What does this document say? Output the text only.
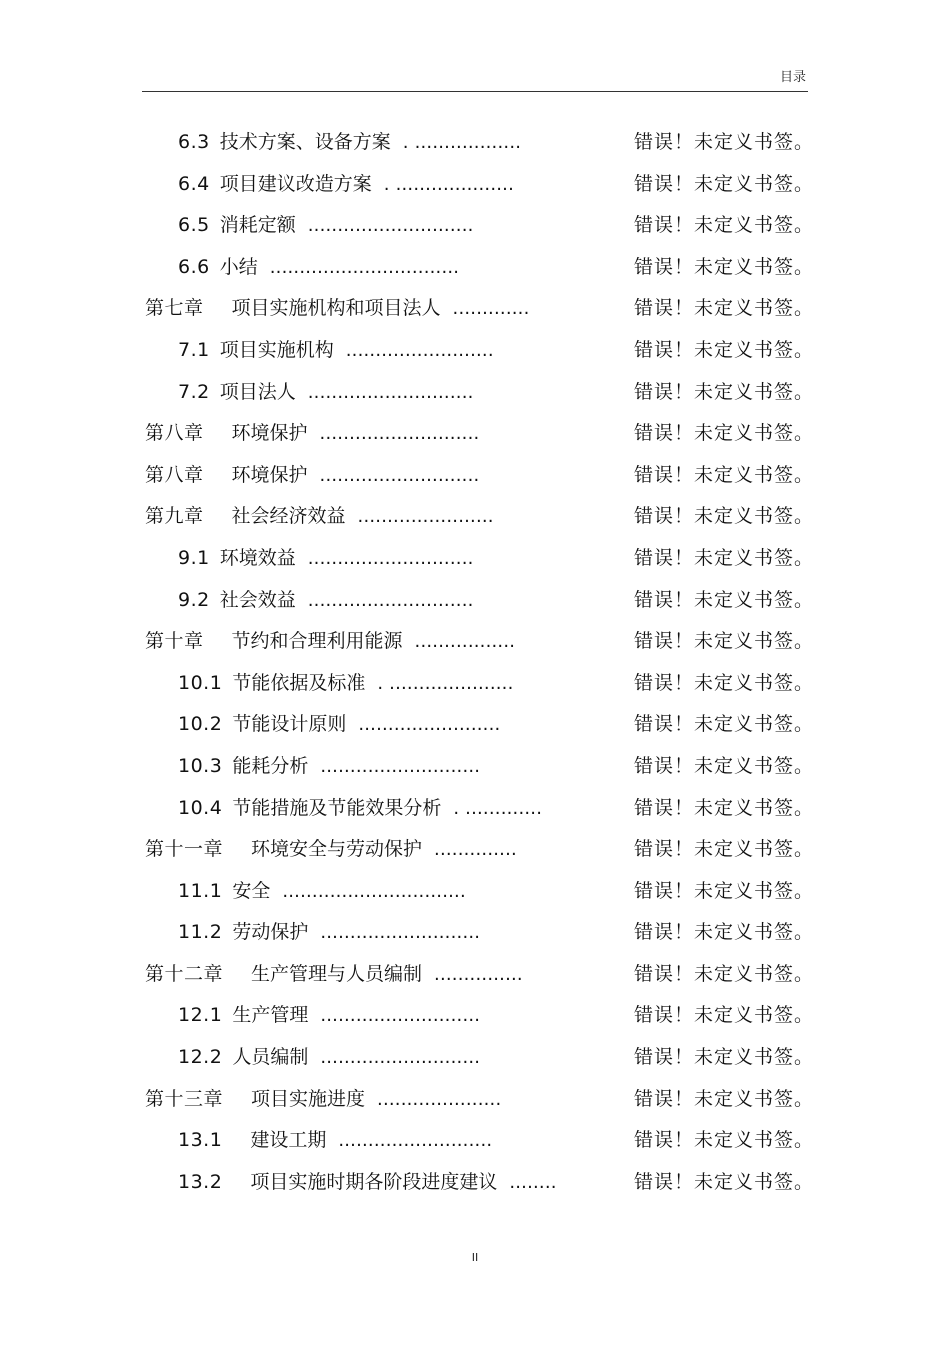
目录
6.3 技术方案、设备方案 . ..................	错误！未定义书签。
6.4 项目建议改造方案 . ....................	错误！未定义书签。
6.5 消耗定额 ............................	错误！未定义书签。
6.6 小结 ................................	错误！未定义书签。
第七章 项目实施机构和项目法人 .............	错误！未定义书签。
7.1 项目实施机构 .........................	错误！未定义书签。
7.2 项目法人 ............................	错误！未定义书签。
第八章 环境保护 ...........................	错误！未定义书签。
第八章 环境保护 ...........................	错误！未定义书签。
第九章 社会经济效益 .......................	错误！未定义书签。
9.1 环境效益 ............................	错误！未定义书签。
9.2 社会效益 ............................	错误！未定义书签。
第十章 节约和合理利用能源 .................	错误！未定义书签。
10.1 节能依据及标准 . .....................	错误！未定义书签。
10.2 节能设计原则 ........................	错误！未定义书签。
10.3 能耗分析 ...........................	错误！未定义书签。
10.4 节能措施及节能效果分析 . .............	错误！未定义书签。
第十一章 环境安全与劳动保护 ..............	错误！未定义书签。
11.1 安全 ...............................	错误！未定义书签。
11.2 劳动保护 ...........................	错误！未定义书签。
第十二章 生产管理与人员编制 ...............	错误！未定义书签。
12.1 生产管理 ...........................	错误！未定义书签。
12.2 人员编制 ...........................	错误！未定义书签。
第十三章 项目实施进度 .....................	错误！未定义书签。
13.1 建设工期 ..........................	错误！未定义书签。
13.2 项目实施时期各阶段进度建议 ........	错误！未定义书签。
II
